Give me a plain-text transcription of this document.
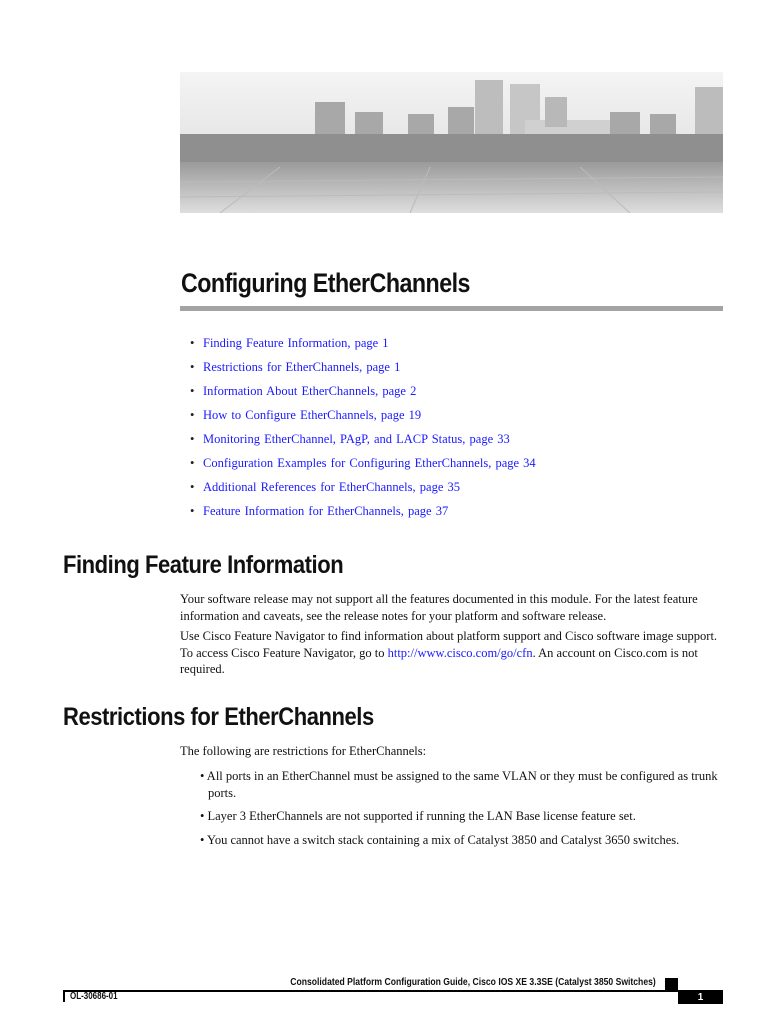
Configuring EtherChannels
• Finding Feature Information, page 1
• Restrictions for EtherChannels, page 1
• Information About EtherChannels, page 2
• How to Configure EtherChannels, page 19
• Monitoring EtherChannel, PAgP, and LACP Status, page 33
• Configuration Examples for Configuring EtherChannels, page 34
• Additional References for EtherChannels, page 35
• Feature Information for EtherChannels, page 37
Finding Feature Information
Your software release may not support all the features documented in this module. For the latest feature information and caveats, see the release notes for your platform and software release.
Use Cisco Feature Navigator to find information about platform support and Cisco software image support. To access Cisco Feature Navigator, go to http://www.cisco.com/go/cfn. An account on Cisco.com is not required.
Restrictions for EtherChannels
The following are restrictions for EtherChannels:
• All ports in an EtherChannel must be assigned to the same VLAN or they must be configured as trunk
ports.
• Layer 3 EtherChannels are not supported if running the LAN Base license feature set.
• You cannot have a switch stack containing a mix of Catalyst 3850 and Catalyst 3650 switches.
Consolidated Platform Configuration Guide, Cisco IOS XE 3.3SE (Catalyst 3850 Switches)
OL-30686-01	1
